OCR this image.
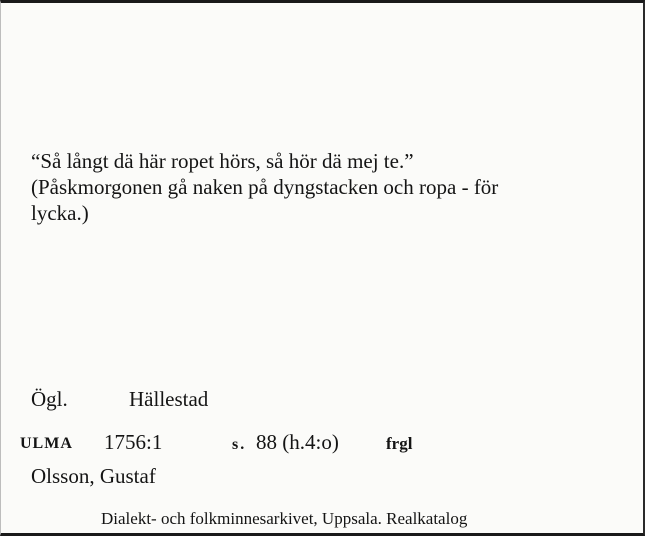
“Så långt dä här ropet hörs, så hör dä mej te.”
(Påskmorgonen gå naken på dyngstacken och ropa - för
lycka.)
Ögl.	Hällestad
ULMA 1756:1	s. 88 (h.4:o)	frgl
Olsson, Gustaf
Dialekt- och folkminnesarkivet, Uppsala. Realkatalog
